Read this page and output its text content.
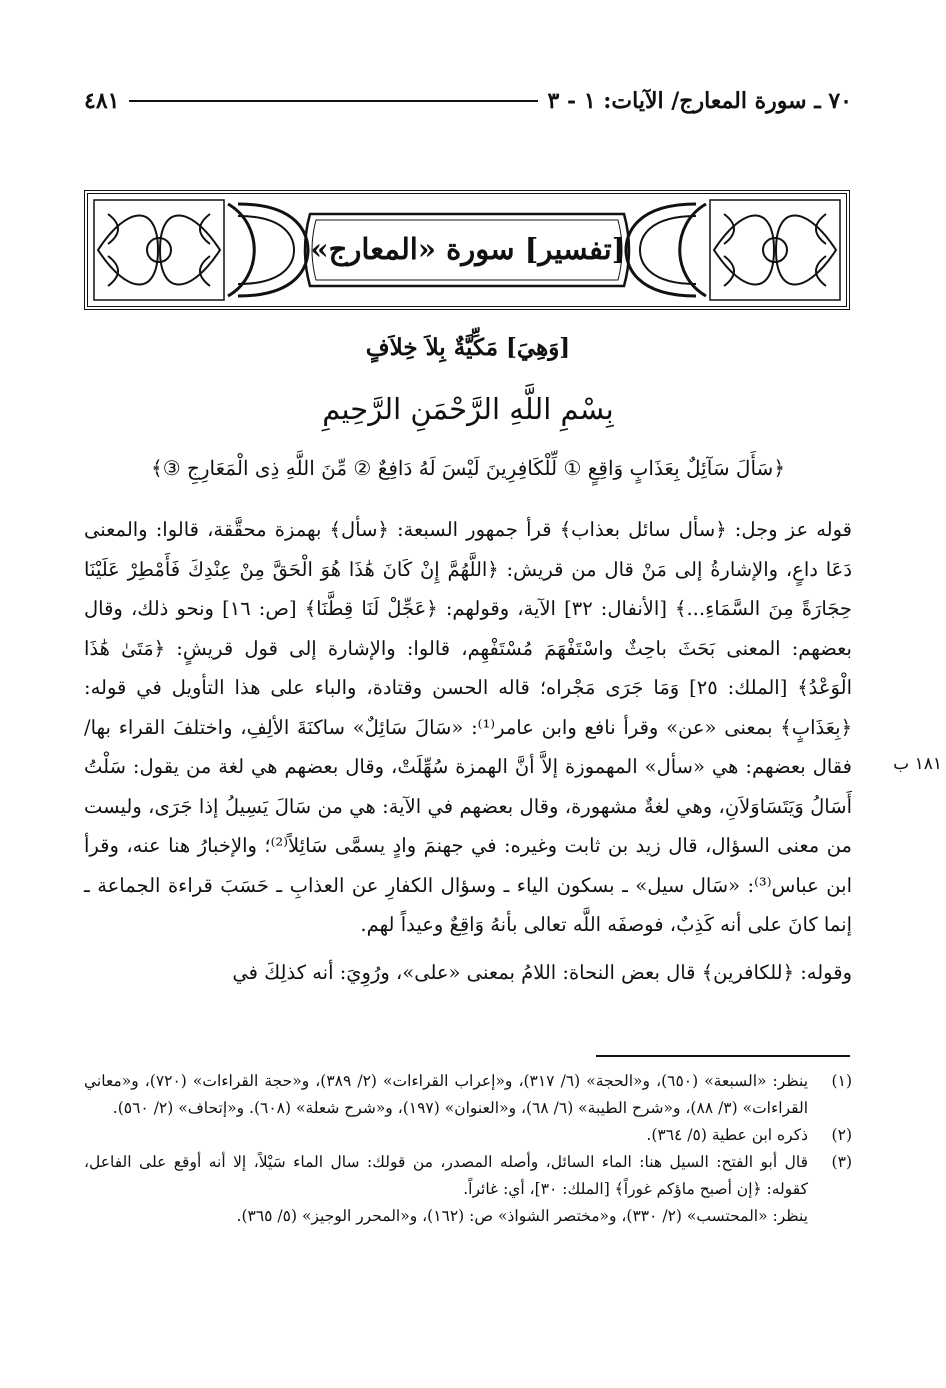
٧٠ ـ سورة المعارج/ الآيات: ١ - ٣
٤٨١
[تفسير] سورة «المعارج»
[وَهِيَ] مَكِّيَّةٌ بِلاَ خِلاَفٍ
بِسْمِ اللَّهِ الرَّحْمَنِ الرَّحِيمِ
﴿سَأَلَ سَآئِلٌ بِعَذَابٍ وَاقِعٍ ① لِّلْكَافِرِينَ لَيْسَ لَهُ دَافِعٌ ② مِّنَ اللَّهِ ذِى الْمَعَارِجِ ③﴾

قوله عز وجل: ﴿سأل سائل بعذاب﴾ قرأ جمهور السبعة: ﴿سأل﴾ بهمزة محقَّقة، قالوا: والمعنى دَعَا داعٍ، والإشارةُ إلى مَنْ قال من قريش: ﴿اللَّهُمَّ إِنْ كَانَ هَٰذَا هُوَ الْحَقَّ مِنْ عِنْدِكَ فَأَمْطِرْ عَلَيْنَا حِجَارَةً مِنَ السَّمَاءِ...﴾ [الأنفال: ٣٢] الآية، وقولهم: ﴿عَجِّلْ لَنَا قِطَّنَا﴾ [ص: ١٦] ونحو ذلك، وقال بعضهم: المعنى بَحَثَ باحِثٌ واسْتَفْهَمَ مُسْتَفْهِم، قالوا: والإشارة إلى قول قريشٍ: ﴿مَتَىٰ هَٰذَا الْوَعْدُ﴾ [الملك: ٢٥] وَمَا جَرَى مَجْراه؛ قاله الحسن وقتادة، والباء على هذا التأويل في قوله: ﴿بِعَذَابٍ﴾ بمعنى «عن» وقرأ نافع وابن عامر⁽¹⁾: «سَالَ سَائِلٌ» ساكنَةَ الألِفِ، واختلفَ القراء بها/ فقال بعضهم: هي «سأل» المهموزة إلاَّ أنَّ الهمزة سُهِّلَتْ، وقال بعضهم هي لغة من يقول: سَلْتُ أَسَالُ وَيَتَسَاوَلاَنِ، وهي لغةٌ مشهورة، وقال بعضهم في الآية: هي من سَالَ يَسِيلُ إذا جَرَى، وليست من معنى السؤال، قال زيد بن ثابت وغيره: في جهنمَ وادٍ يسمَّى سَائِلاً⁽²⁾؛ والإخبارُ هنا عنه، وقرأ ابن عباس⁽³⁾: «سَال سيل» ـ بسكون الياء ـ وسؤال الكفارِ عن العذابِ ـ حَسَبَ قراءة الجماعة ـ إنما كانَ على أنه كَذِبٌ، فوصفَه اللَّه تعالى بأنهُ وَاقِعٌ وعيداً لهم.

وقوله: ﴿للكافرين﴾ قال بعض النحاة: اللامُ بمعنى «على»، ورُوِيَ: أنه كذلِكَ في

١٨١ ب
(١)
ينظر: «السبعة» (٦٥٠)، و«الحجة» (٦/ ٣١٧)، و«إعراب القراءات» (٢/ ٣٨٩)، و«حجة القراءات» (٧٢٠)، و«معاني القراءات» (٣/ ٨٨)، و«شرح الطيبة» (٦/ ٦٨)، و«العنوان» (١٩٧)، و«شرح شعلة» (٦٠٨). و«إتحاف» (٢/ ٥٦٠).
(٢)
ذكره ابن عطية (٥/ ٣٦٤).
(٣)
قال أبو الفتح: السيل هنا: الماء السائل، وأصله المصدر، من قولك: سال الماء سَيْلاً، إلا أنه أوقع على الفاعل، كقوله: ﴿إن أصبح ماؤكم غوراً﴾ [الملك: ٣٠]، أي: غائراً.
ينظر: «المحتسب» (٢/ ٣٣٠)، و«مختصر الشواذ» ص: (١٦٢)، و«المحرر الوجيز» (٥/ ٣٦٥).
